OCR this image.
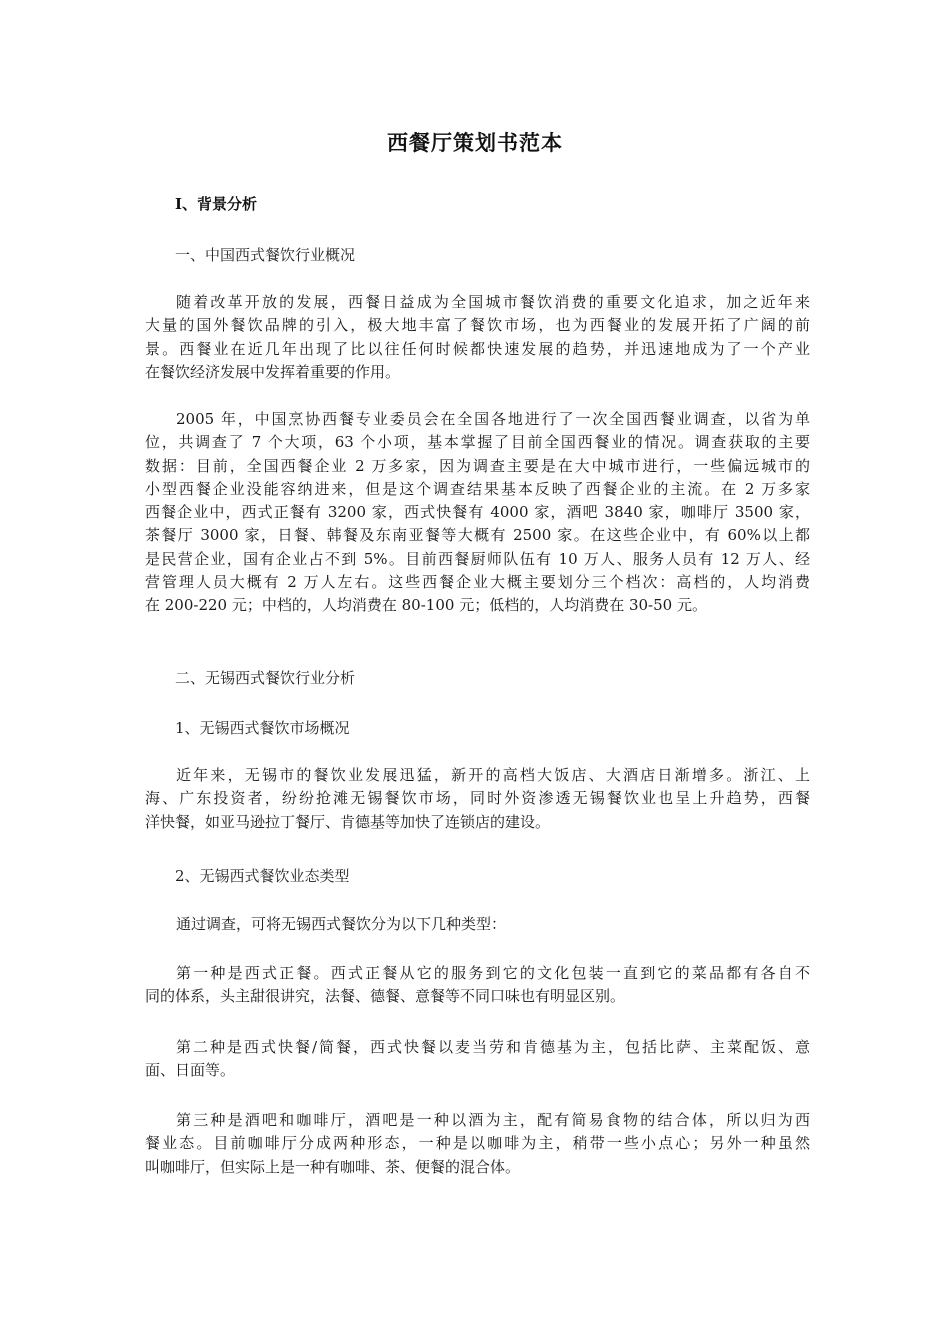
西餐厅策划书范本
Ⅰ、背景分析
一、中国西式餐饮行业概况
随着改革开放的发展，西餐日益成为全国城市餐饮消费的重要文化追求，加之近年来
大量的国外餐饮品牌的引入，极大地丰富了餐饮市场，也为西餐业的发展开拓了广阔的前
景。西餐业在近几年出现了比以往任何时候都快速发展的趋势，并迅速地成为了一个产业
在餐饮经济发展中发挥着重要的作用。
2005 年，中国烹协西餐专业委员会在全国各地进行了一次全国西餐业调查，以省为单
位，共调查了 7 个大项，63 个小项，基本掌握了目前全国西餐业的情况。调查获取的主要
数据：目前，全国西餐企业 2 万多家，因为调查主要是在大中城市进行，一些偏远城市的
小型西餐企业没能容纳进来，但是这个调查结果基本反映了西餐企业的主流。在 2 万多家
西餐企业中，西式正餐有 3200 家，西式快餐有 4000 家，酒吧 3840 家，咖啡厅 3500 家，
茶餐厅 3000 家，日餐、韩餐及东南亚餐等大概有 2500 家。在这些企业中，有 60%以上都
是民营企业，国有企业占不到 5%。目前西餐厨师队伍有 10 万人、服务人员有 12 万人、经
营管理人员大概有 2 万人左右。这些西餐企业大概主要划分三个档次：高档的，人均消费
在 200-220 元；中档的，人均消费在 80-100 元；低档的，人均消费在 30-50 元。
二、无锡西式餐饮行业分析
1、无锡西式餐饮市场概况
近年来，无锡市的餐饮业发展迅猛，新开的高档大饭店、大酒店日渐增多。浙江、上
海、广东投资者，纷纷抢滩无锡餐饮市场，同时外资渗透无锡餐饮业也呈上升趋势，西餐
洋快餐，如亚马逊拉丁餐厅、肯德基等加快了连锁店的建设。
2、无锡西式餐饮业态类型
通过调查，可将无锡西式餐饮分为以下几种类型：
第一种是西式正餐。西式正餐从它的服务到它的文化包装一直到它的菜品都有各自不
同的体系，头主甜很讲究，法餐、德餐、意餐等不同口味也有明显区别。
第二种是西式快餐/简餐，西式快餐以麦当劳和肯德基为主，包括比萨、主菜配饭、意
面、日面等。
第三种是酒吧和咖啡厅，酒吧是一种以酒为主，配有简易食物的结合体，所以归为西
餐业态。目前咖啡厅分成两种形态，一种是以咖啡为主，稍带一些小点心；另外一种虽然
叫咖啡厅，但实际上是一种有咖啡、茶、便餐的混合体。
